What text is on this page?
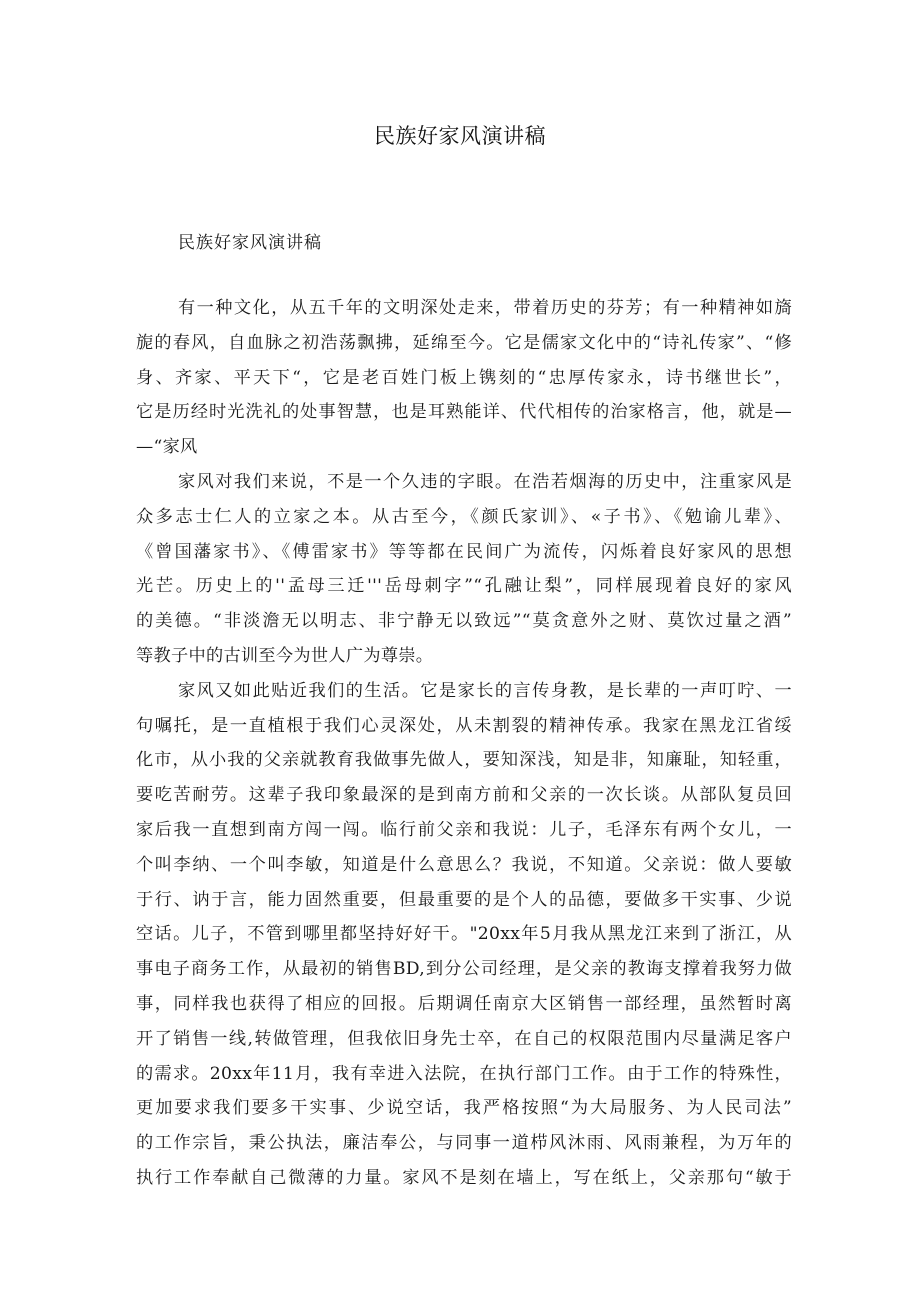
民族好家风演讲稿
民族好家风演讲稿

有一种文化，从五千年的文明深处走来，带着历史的芬芳；有一种精神如旖
旎的春风，自血脉之初浩荡飘拂，延绵至今。它是儒家文化中的“诗礼传家”、“修
身、齐家、平天下“，它是老百姓门板上镌刻的“忠厚传家永，诗书继世长”，
它是历经时光洗礼的处事智慧，也是耳熟能详、代代相传的治家格言，他，就是—
—“家风

家风对我们来说，不是一个久违的字眼。在浩若烟海的历史中，注重家风是
众多志士仁人的立家之本。从古至今，《颜氏家训》、«子书》、《勉谕儿辈》、
《曾国藩家书》、《傅雷家书》等等都在民间广为流传，闪烁着良好家风的思想
光芒。历史上的''孟母三迁'''岳母刺字”“孔融让梨”，同样展现着良好的家风
的美德。“非淡澹无以明志、非宁静无以致远”“莫贪意外之财、莫饮过量之酒”
等教子中的古训至今为世人广为尊崇。

家风又如此贴近我们的生活。它是家长的言传身教，是长辈的一声叮咛、一
句嘱托，是一直植根于我们心灵深处，从未割裂的精神传承。我家在黑龙江省绥
化市，从小我的父亲就教育我做事先做人，要知深浅，知是非，知廉耻，知轻重，
要吃苦耐劳。这辈子我印象最深的是到南方前和父亲的一次长谈。从部队复员回
家后我一直想到南方闯一闯。临行前父亲和我说：儿子，毛泽东有两个女儿，一
个叫李纳、一个叫李敏，知道是什么意思么？我说，不知道。父亲说：做人要敏
于行、讷于言，能力固然重要，但最重要的是个人的品德，要做多干实事、少说
空话。儿子，不管到哪里都坚持好好干。"20xx年5月我从黑龙江来到了浙江，从
事电子商务工作，从最初的销售BD,到分公司经理，是父亲的教诲支撑着我努力做
事，同样我也获得了相应的回报。后期调任南京大区销售一部经理，虽然暂时离
开了销售一线,转做管理，但我依旧身先士卒，在自己的权限范围内尽量满足客户
的需求。20xx年11月，我有幸进入法院，在执行部门工作。由于工作的特殊性，
更加要求我们要多干实事、少说空话，我严格按照“为大局服务、为人民司法”
的工作宗旨，秉公执法，廉洁奉公，与同事一道栉风沐雨、风雨兼程，为万年的
执行工作奉献自己微薄的力量。家风不是刻在墙上，写在纸上，父亲那句“敏于
